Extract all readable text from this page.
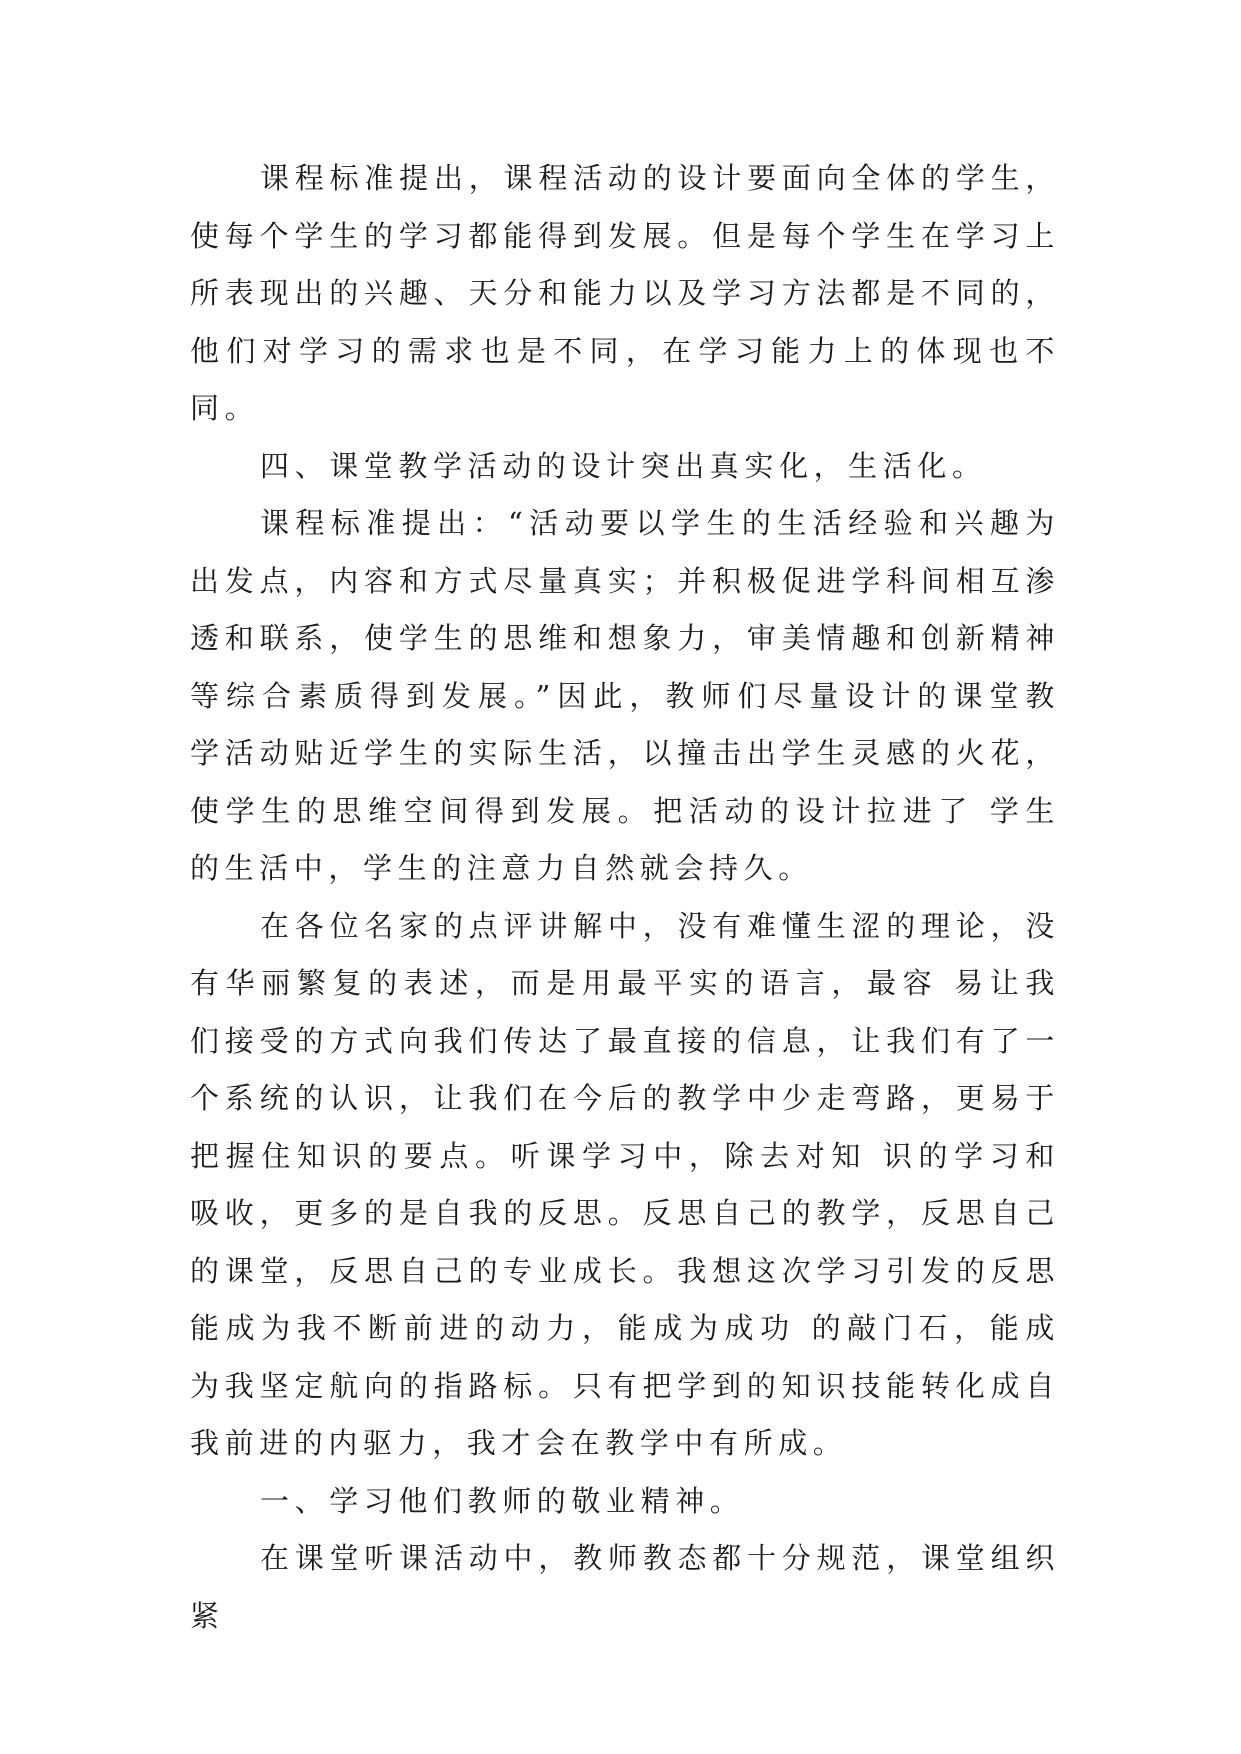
课程标准提出，课程活动的设计要面向全体的学生，使每个学生的学习都能得到发展。但是每个学生在学习上所表现出的兴趣、天分和能力以及学习方法都是不同的，他们对学习的需求也是不同，在学习能力上的体现也不同。

四、课堂教学活动的设计突出真实化，生活化。

课程标准提出：“活动要以学生的生活经验和兴趣为出发点，内容和方式尽量真实；并积极促进学科间相互渗透和联系，使学生的思维和想象力，审美情趣和创新精神 等综合素质得到发展。”因此，教师们尽量设计的课堂教学活动贴近学生的实际生活，以撞击出学生灵感的火花，使学生的思维空间得到发展。把活动的设计拉进了 学生的生活中，学生的注意力自然就会持久。

在各位名家的点评讲解中，没有难懂生涩的理论，没有华丽繁复的表述，而是用最平实的语言，最容 易让我们接受的方式向我们传达了最直接的信息，让我们有了一个系统的认识，让我们在今后的教学中少走弯路，更易于把握住知识的要点。听课学习中，除去对知 识的学习和吸收，更多的是自我的反思。反思自己的教学，反思自己的课堂，反思自己的专业成长。我想这次学习引发的反思能成为我不断前进的动力，能成为成功 的敲门石，能成为我坚定航向的指路标。只有把学到的知识技能转化成自我前进的内驱力，我才会在教学中有所成。

一、学习他们教师的敬业精神。

在课堂听课活动中，教师教态都十分规范，课堂组织紧
